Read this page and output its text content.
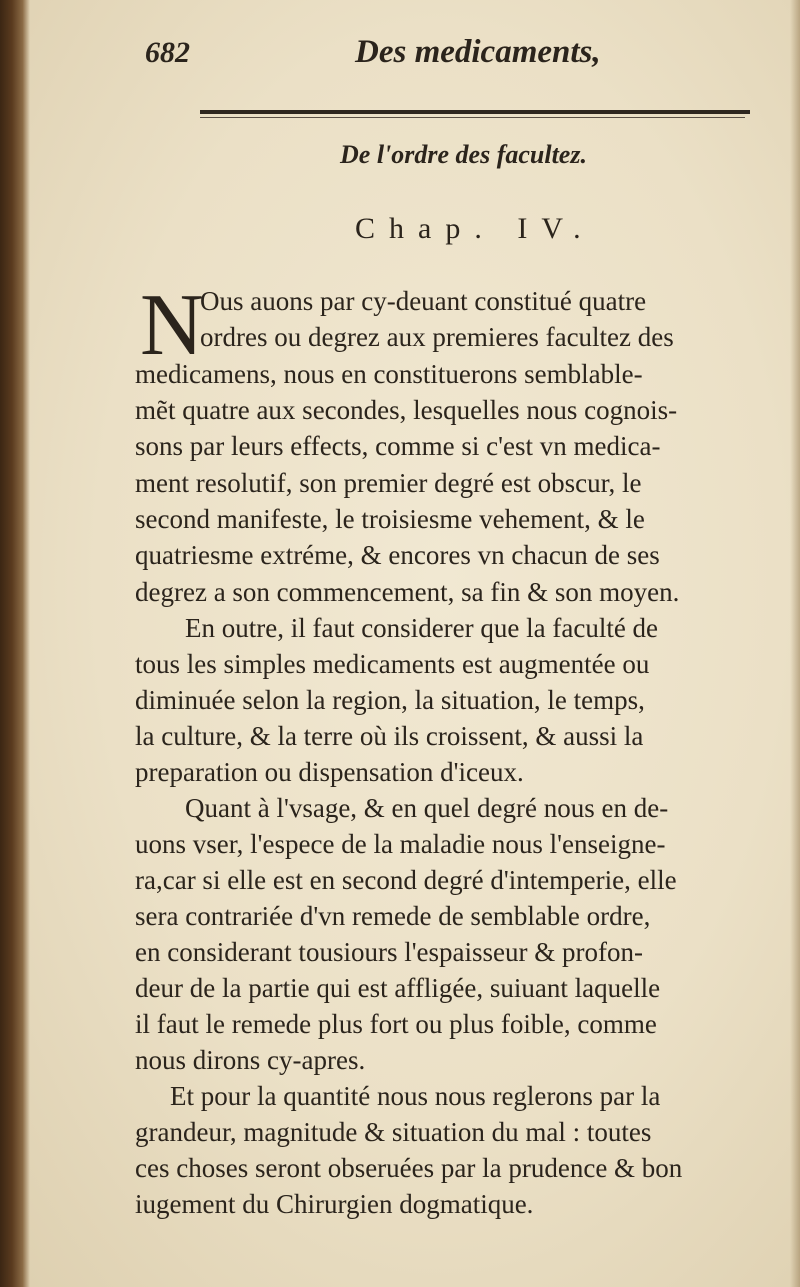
682	Des medicaments,
De l'ordre des facultez.
Chap. IV.
N
Ous auons par cy-deuant constitué quatre
ordres ou degrez aux premieres facultez des
medicamens, nous en constituerons semblable-
mẽt quatre aux secondes, lesquelles nous cognois-
sons par leurs effects, comme si c'est vn medica-
ment resolutif, son premier degré est obscur, le
second manifeste, le troisiesme vehement, & le
quatriesme extréme, & encores vn chacun de ses
degrez a son commencement, sa fin & son moyen.
En outre, il faut considerer que la faculté de
tous les simples medicaments est augmentée ou
diminuée selon la region, la situation, le temps,
la culture, & la terre où ils croissent, & aussi la
preparation ou dispensation d'iceux.
Quant à l'vsage, & en quel degré nous en de-
uons vser, l'espece de la maladie nous l'enseigne-
ra,car si elle est en second degré d'intemperie, elle
sera contrariée d'vn remede de semblable ordre,
en considerant tousiours l'espaisseur & profon-
deur de la partie qui est affligée, suiuant laquelle
il faut le remede plus fort ou plus foible, comme
nous dirons cy-apres.
Et pour la quantité nous nous reglerons par la
grandeur, magnitude & situation du mal : toutes
ces choses seront obseruées par la prudence & bon
iugement du Chirurgien dogmatique.
